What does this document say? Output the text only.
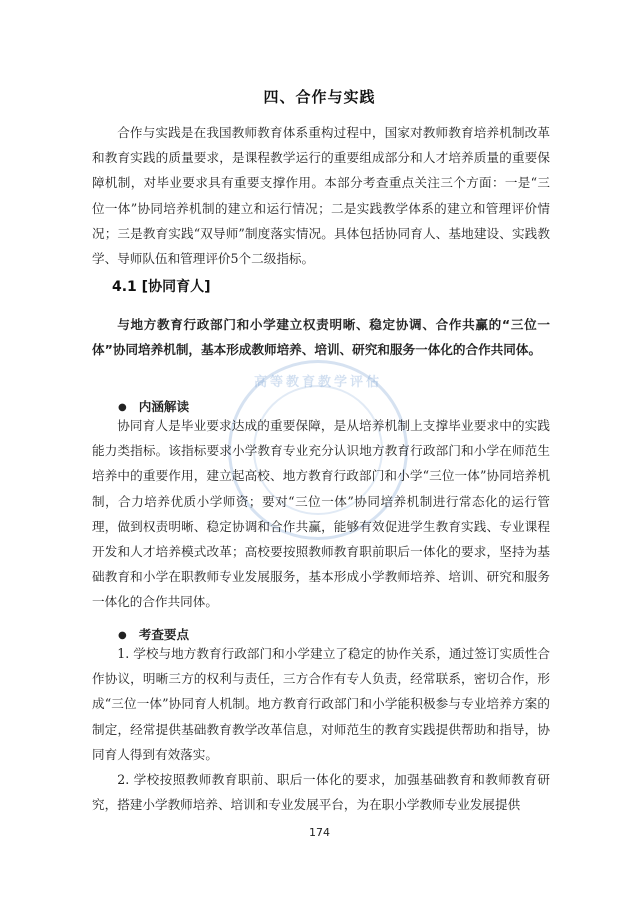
四、合作与实践

合作与实践是在我国教师教育体系重构过程中，国家对教师教育培养机制改革和教育实践的质量要求，是课程教学运行的重要组成部分和人才培养质量的重要保障机制，对毕业要求具有重要支撑作用。本部分考查重点关注三个方面：一是“三位一体”协同培养机制的建立和运行情况；二是实践教学体系的建立和管理评价情况；三是教育实践“双导师”制度落实情况。具体包括协同育人、基地建设、实践教学、导师队伍和管理评价5个二级指标。

4.1 [协同育人]

与地方教育行政部门和小学建立权责明晰、稳定协调、合作共赢的“三位一体”协同培养机制，基本形成教师培养、培训、研究和服务一体化的合作共同体。

高等教育教学评估
● 内涵解读

协同育人是毕业要求达成的重要保障，是从培养机制上支撑毕业要求中的实践能力类指标。该指标要求小学教育专业充分认识地方教育行政部门和小学在师范生培养中的重要作用，建立起高校、地方教育行政部门和小学“三位一体”协同培养机制，合力培养优质小学师资；要对“三位一体”协同培养机制进行常态化的运行管理，做到权责明晰、稳定协调和合作共赢，能够有效促进学生教育实践、专业课程开发和人才培养模式改革；高校要按照教师教育职前职后一体化的要求，坚持为基础教育和小学在职教师专业发展服务，基本形成小学教师培养、培训、研究和服务一体化的合作共同体。

● 考查要点

1. 学校与地方教育行政部门和小学建立了稳定的协作关系，通过签订实质性合作协议，明晰三方的权利与责任，三方合作有专人负责，经常联系，密切合作，形成“三位一体”协同育人机制。地方教育行政部门和小学能积极参与专业培养方案的制定，经常提供基础教育教学改革信息，对师范生的教育实践提供帮助和指导，协同育人得到有效落实。

2. 学校按照教师教育职前、职后一体化的要求，加强基础教育和教师教育研究，搭建小学教师培养、培训和专业发展平台，为在职小学教师专业发展提供

174
